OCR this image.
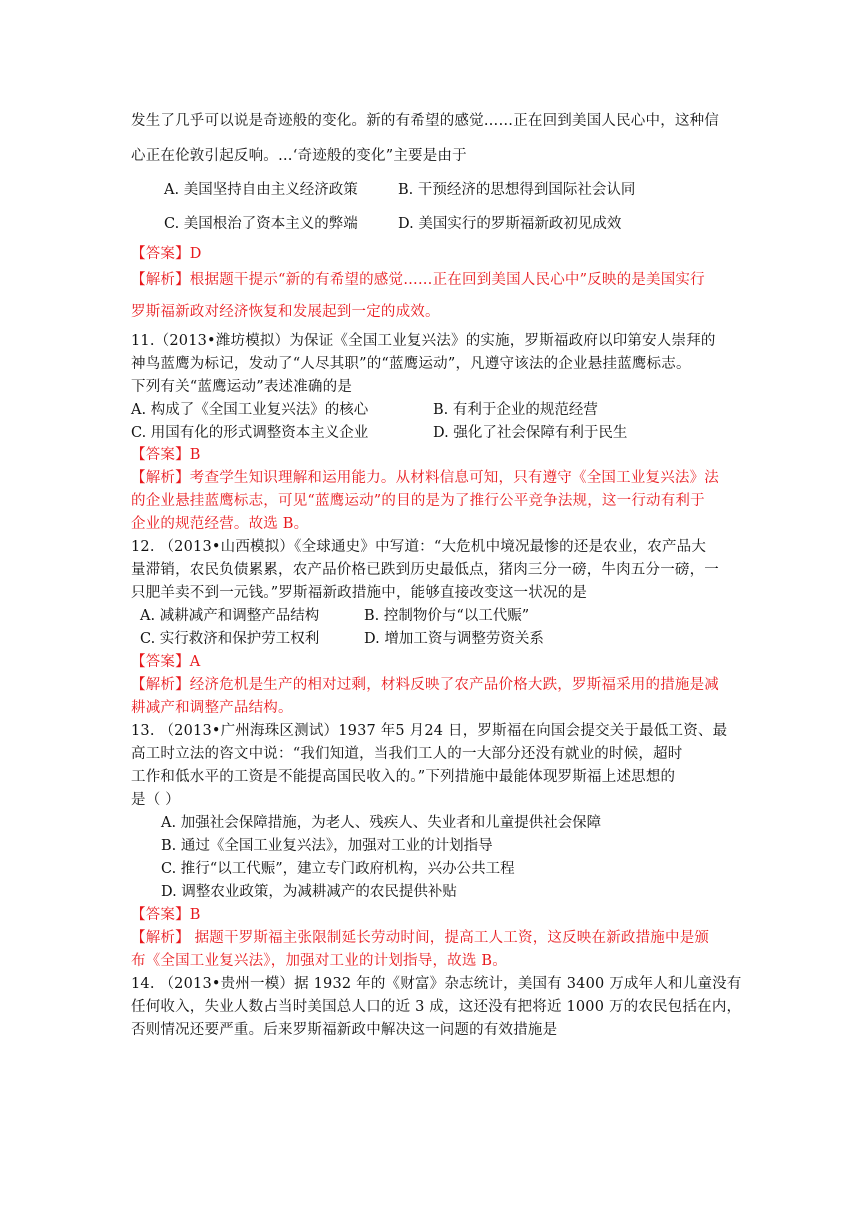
发生了几乎可以说是奇迹般的变化。新的有希望的感觉……正在回到美国人民心中，这种信
心正在伦敦引起反响。…‘奇迹般的变化”主要是由于
A. 美国坚持自由主义经济政策	B. 干预经济的思想得到国际社会认同
C. 美国根治了资本主义的弊端	D. 美国实行的罗斯福新政初见成效
【答案】D
【解析】根据题干提示“新的有希望的感觉……正在回到美国人民心中”反映的是美国实行
罗斯福新政对经济恢复和发展起到一定的成效。
11.（2013•潍坊模拟）为保证《全国工业复兴法》的实施，罗斯福政府以印第安人崇拜的
神鸟蓝鹰为标记，发动了“人尽其职”的“蓝鹰运动”，凡遵守该法的企业悬挂蓝鹰标志。
下列有关“蓝鹰运动”表述准确的是
A. 构成了《全国工业复兴法》的核心	B. 有利于企业的规范经营
C. 用国有化的形式调整资本主义企业	D. 强化了社会保障有利于民生
【答案】B
【解析】考查学生知识理解和运用能力。从材料信息可知，只有遵守《全国工业复兴法》法
的企业悬挂蓝鹰标志，可见“蓝鹰运动”的目的是为了推行公平竞争法规，这一行动有利于
企业的规范经营。故选 B。
12. （2013•山西模拟）《全球通史》中写道：“大危机中境况最惨的还是农业，农产品大
量滞销，农民负债累累，农产品价格已跌到历史最低点，猪肉三分一磅，牛肉五分一磅，一
只肥羊卖不到一元钱。”罗斯福新政措施中，能够直接改变这一状况的是
A. 减耕减产和调整产品结构	B. 控制物价与“以工代赈”
C. 实行救济和保护劳工权利	D. 增加工资与调整劳资关系
【答案】A
【解析】经济危机是生产的相对过剩，材料反映了农产品价格大跌，罗斯福采用的措施是减
耕减产和调整产品结构。
13. （2013•广州海珠区测试）1937 年5 月24 日，罗斯福在向国会提交关于最低工资、最
高工时立法的咨文中说：“我们知道，当我们工人的一大部分还没有就业的时候，超时
工作和低水平的工资是不能提高国民收入的。”下列措施中最能体现罗斯福上述思想的
是（ ）
A. 加强社会保障措施，为老人、残疾人、失业者和儿童提供社会保障
B. 通过《全国工业复兴法》，加强对工业的计划指导
C. 推行“以工代赈”，建立专门政府机构，兴办公共工程
D. 调整农业政策，为减耕减产的农民提供补贴
【答案】B
【解析】 据题干罗斯福主张限制延长劳动时间，提高工人工资，这反映在新政措施中是颁
布《全国工业复兴法》，加强对工业的计划指导，故选 B。
14. （2013•贵州一模）据 1932 年的《财富》杂志统计，美国有 3400 万成年人和儿童没有
任何收入，失业人数占当时美国总人口的近 3 成，这还没有把将近 1000 万的农民包括在内，
否则情况还要严重。后来罗斯福新政中解决这一问题的有效措施是
